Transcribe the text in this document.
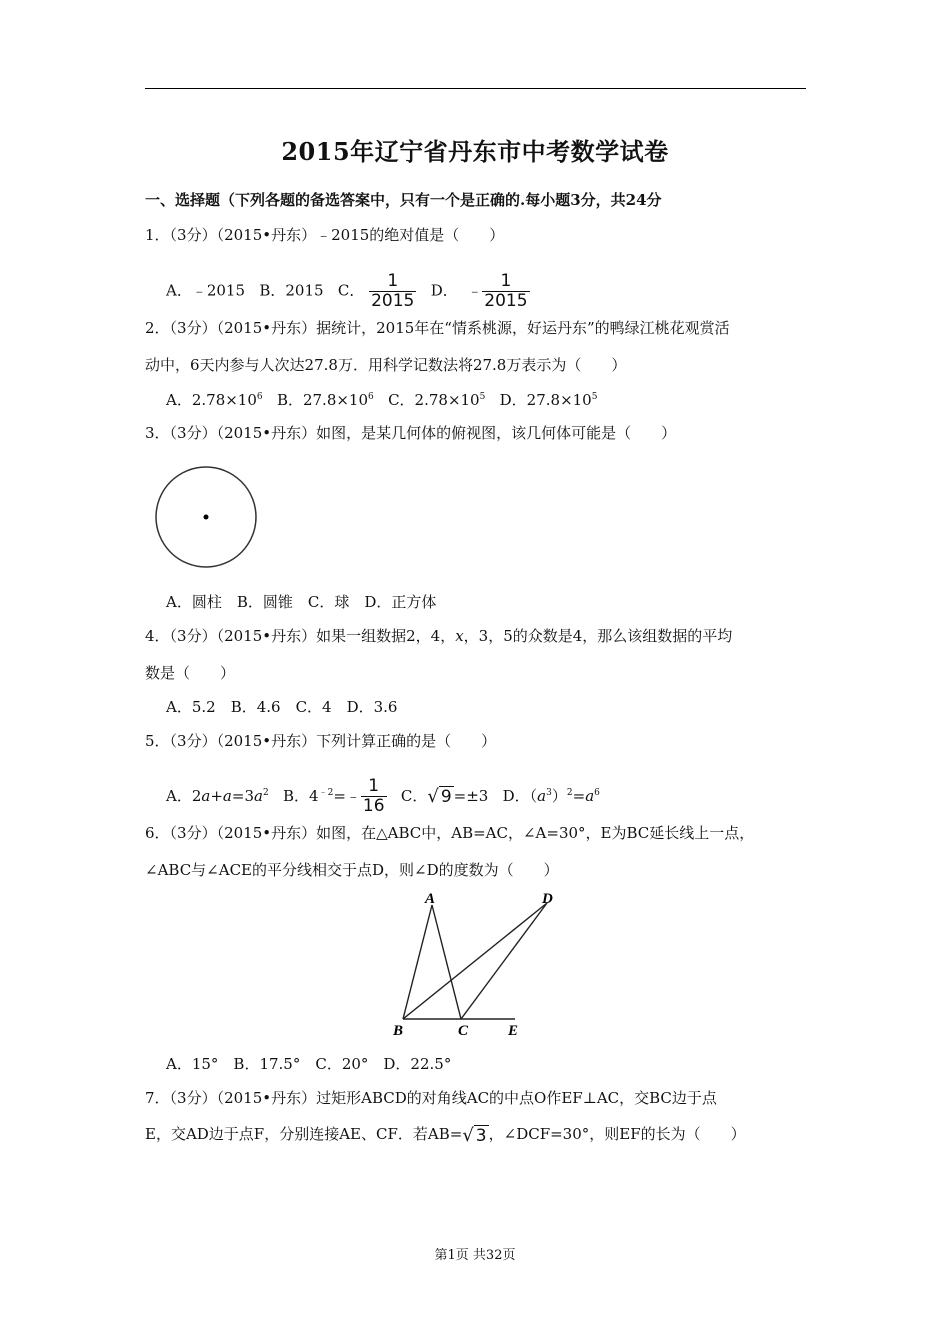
2015年辽宁省丹东市中考数学试卷
一、选择题（下列各题的备选答案中，只有一个是正确的.每小题3分，共24分
1．（3分）（2015•丹东）﹣2015的绝对值是（　　）
A．﹣2015 B．2015 C． $\frac{1}{2015}$ D． ﹣ $\frac{1}{2015}$
2．（3分）（2015•丹东）据统计，2015年在“情系桃源，好运丹东”的鸭绿江桃花观赏活
动中，6天内参与人次达27.8万．用科学记数法将27.8万表示为（　　）
A．$2.78\times 10^6$ B．$27.8\times 10^6$ C．$2.78\times 10^5$ D．$27.8\times 10^5$
3．（3分）（2015•丹东）如图，是某几何体的俯视图，该几何体可能是（　　）
A．圆柱　B．圆锥　C．球　D．正方体
4．（3分）（2015•丹东）如果一组数据2，4，x，3，5的众数是4，那么该组数据的平均
数是（　　）
A．5.2　B．4.6　C．4　D．3.6
5．（3分）（2015•丹东）下列计算正确的是（　　）
A．$2a+a=3a^2$ B．$4^{﹣2}=﹣ \frac{1}{16}$ C．√ 9 =±3 D．$(a^3)^2=a^6$
6．（3分）（2015•丹东）如图，在△ABC中，AB=AC，∠A=30°，E为BC延长线上一点，
∠ABC与∠ACE的平分线相交于点D，则∠D的度数为（　　）
A	D
B	C	E
A．15°　B．17.5°　C．20°　D．22.5°
7．（3分）（2015•丹东）过矩形ABCD的对角线AC的中点O作EF⊥AC，交BC边于点
E，交AD边于点F，分别连接AE、CF．若AB=√ 3 ，∠DCF=30°，则EF的长为（　　）
第1页 共32页
